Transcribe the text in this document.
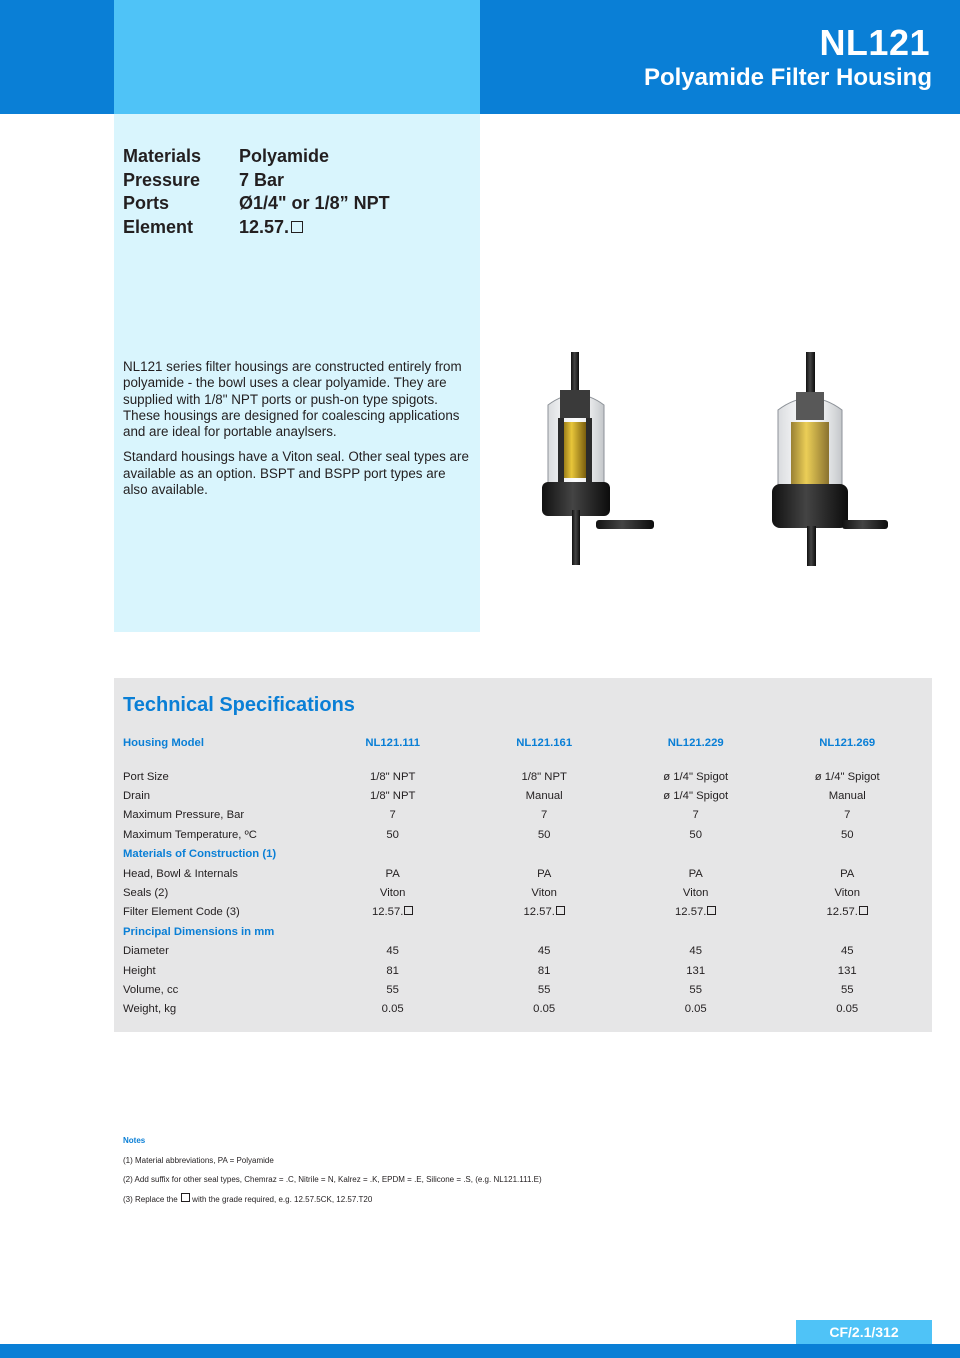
NL121
Polyamide Filter Housing
Materials	Polyamide
Pressure	7 Bar
Ports	Ø1/4" or 1/8” NPT
Element	12.57.

NL121 series filter housings are constructed entirely from polyamide - the bowl uses a clear polyamide. They are supplied with 1/8" NPT ports or push-on type spigots. These housings are designed for coalescing applications and are ideal for portable anaylsers.

Standard housings have a Viton seal. Other seal types are available as an option. BSPT and BSPP port types are also available.

Technical Specifications
Housing Model	NL121.111	NL121.161	NL121.229	NL121.269

Port Size	1/8" NPT	1/8" NPT	ø 1/4" Spigot	ø 1/4" Spigot
Drain	1/8" NPT	Manual	ø 1/4" Spigot	Manual
Maximum Pressure, Bar	7	7	7	7
Maximum Temperature, ºC	50	50	50	50
Materials of Construction (1)				
Head, Bowl & Internals	PA	PA	PA	PA
Seals (2)	Viton	Viton	Viton	Viton
Filter Element Code (3)	12.57.	12.57.	12.57.	12.57.
Principal Dimensions in mm				
Diameter	45	45	45	45
Height	81	81	131	131
Volume, cc	55	55	55	55
Weight, kg	0.05	0.05	0.05	0.05
Notes
(1) Material abbreviations, PA = Polyamide
(2) Add suffix for other seal types, Chemraz = .C, Nitrile = N, Kalrez = .K, EPDM = .E, Silicone = .S, (e.g. NL121.111.E)
(3) Replace the with the grade required, e.g. 12.57.5CK, 12.57.T20
CF/2.1/312
